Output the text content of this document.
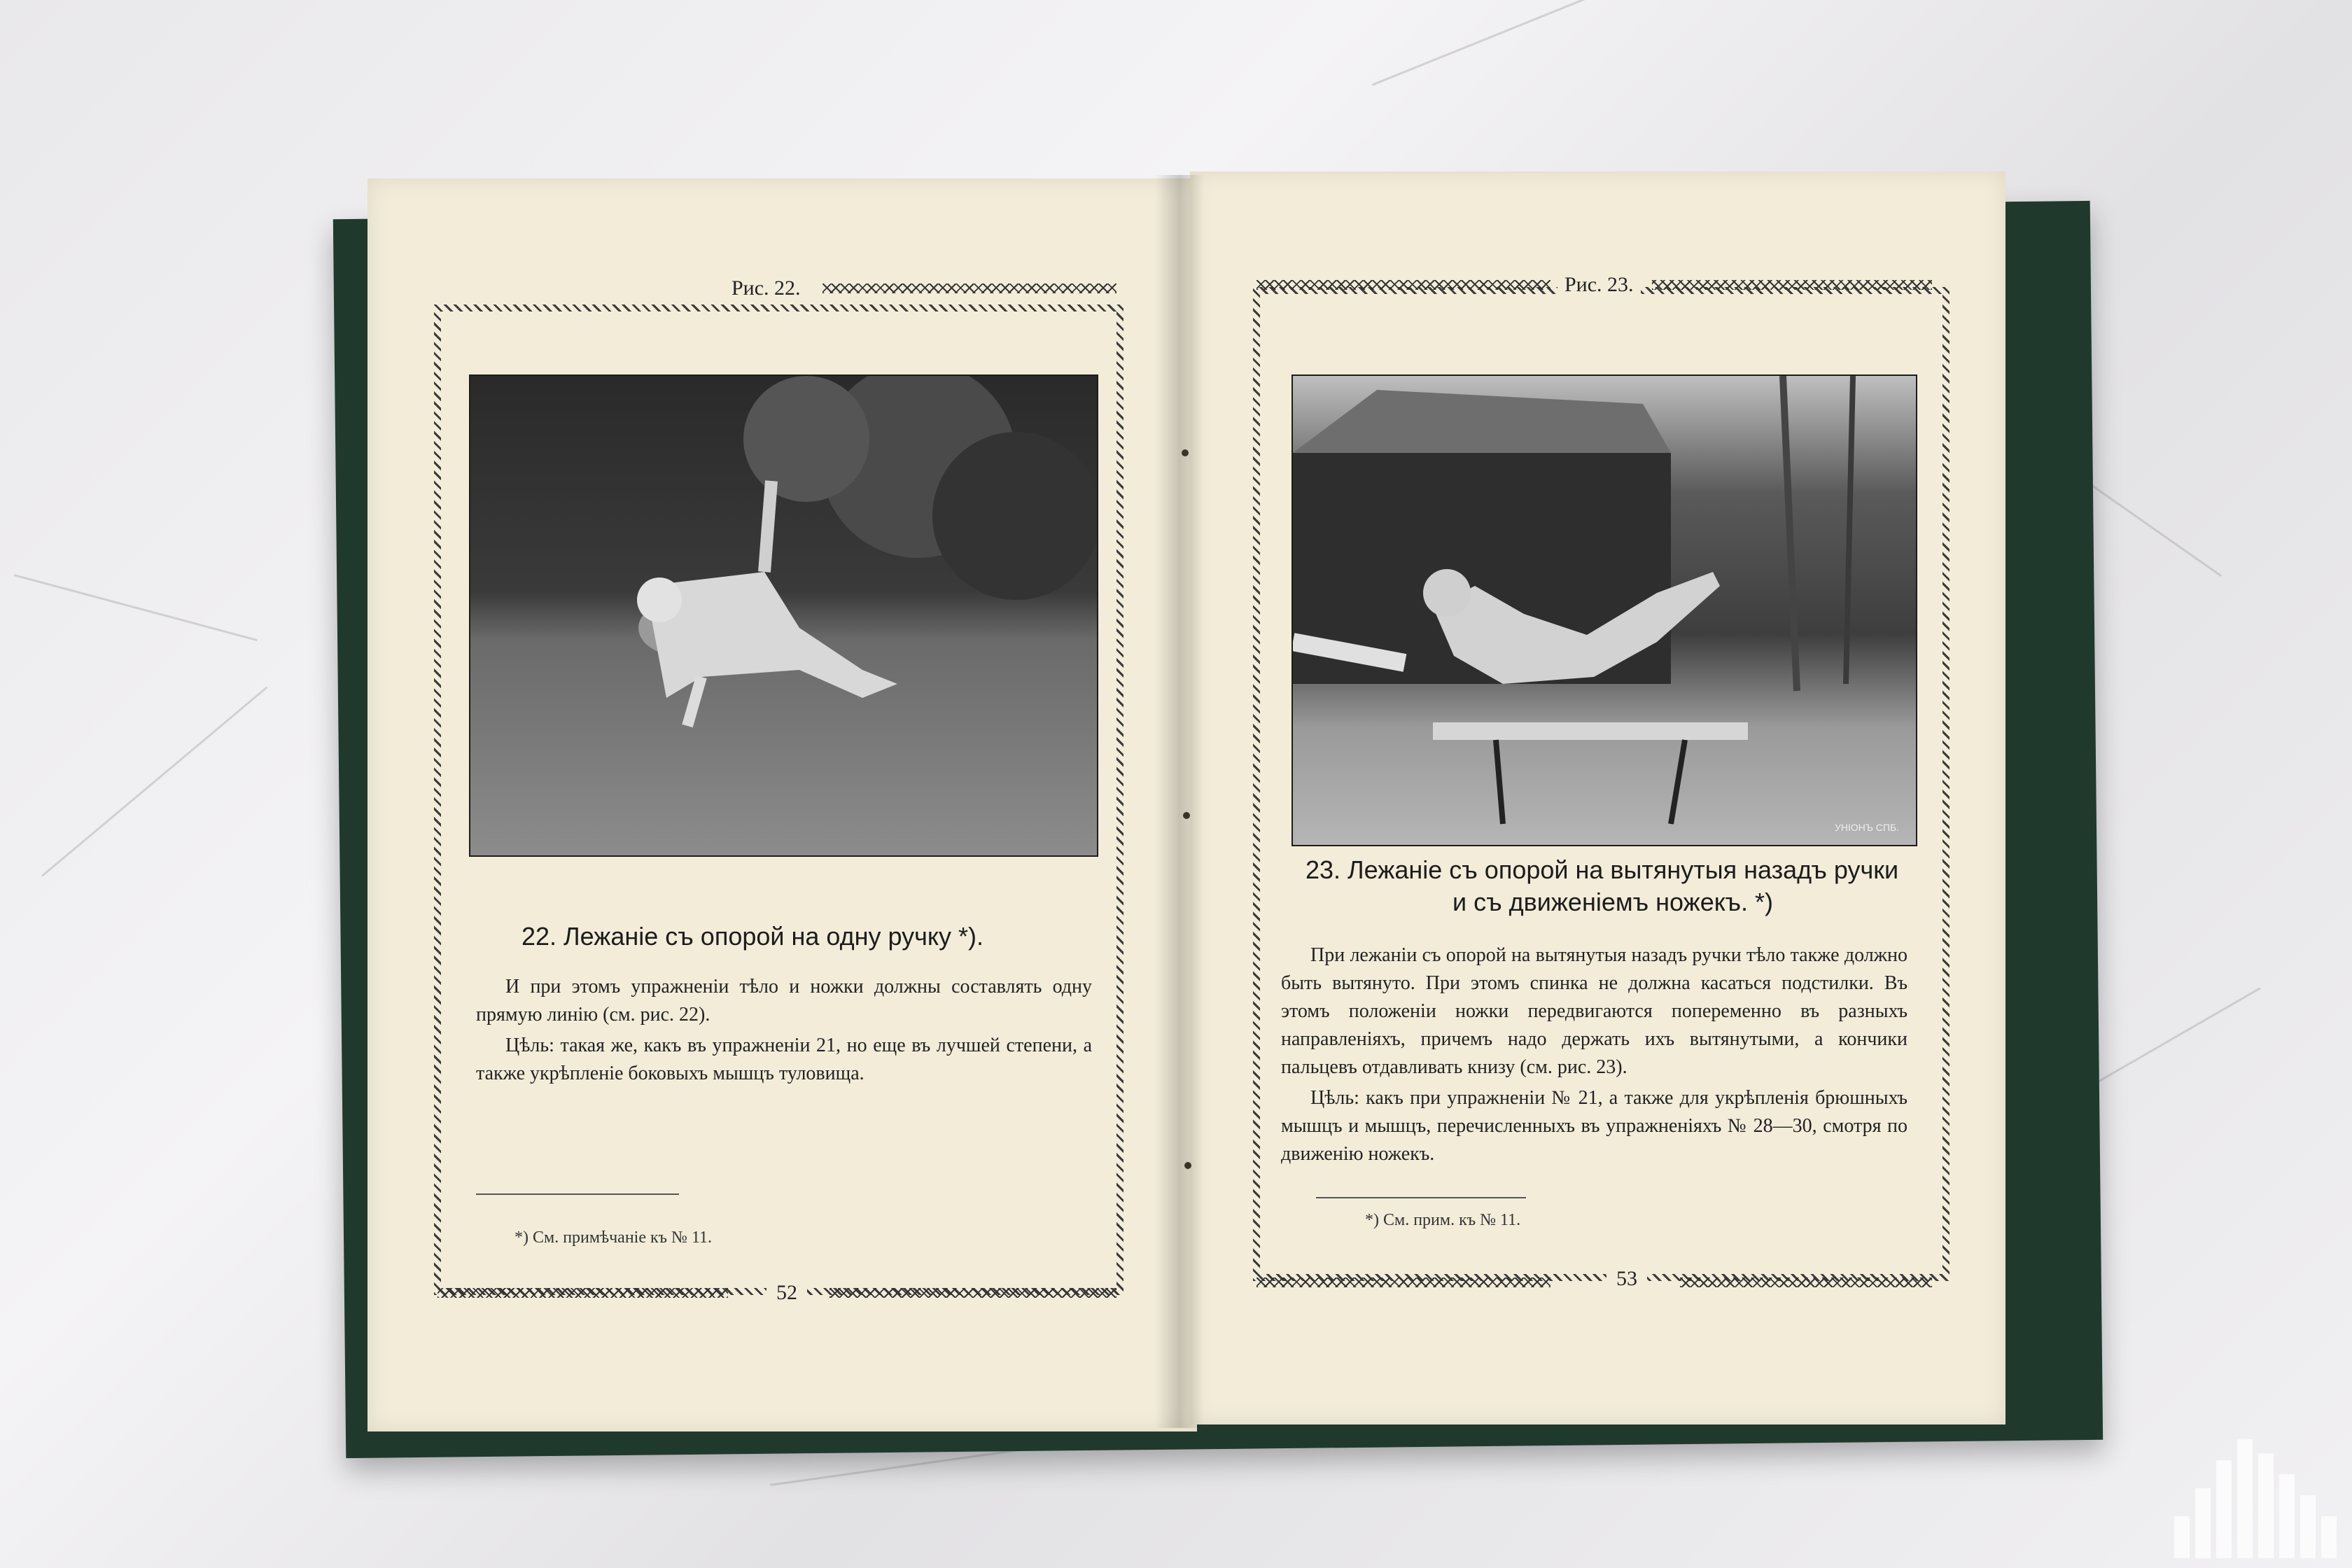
Рис. 22.
22. Лежаніе съ опорой на одну ручку *).

И при этомъ упражненіи тѣло и ножки должны составлять одну прямую линію (см. рис. 22).

Цѣль: такая же, какъ въ упражненіи 21, но еще въ лучшей степени, а также укрѣпленіе боковыхъ мышцъ туловища.

*) См. примѣчаніе къ № 11.
52
Рис. 23.
УНІОНЪ СПБ.
23. Лежаніе съ опорой на вытянутыя назадъ ручки
и съ движеніемъ ножекъ. *)

При лежаніи съ опорой на вытянутыя назадъ ручки тѣло также должно быть вытянуто. При этомъ спинка не должна касаться подстилки. Въ этомъ положеніи ножки передвигаются попеременно въ разныхъ направленіяхъ, причемъ надо держать ихъ вытянутыми, а кончики пальцевъ отдавливать книзу (см. рис. 23).

Цѣль: какъ при упражненіи № 21, а также для укрѣпленія брюшныхъ мышцъ и мышцъ, перечисленныхъ въ упражненіяхъ № 28—30, смотря по движенію ножекъ.

*) См. прим. къ № 11.
53
